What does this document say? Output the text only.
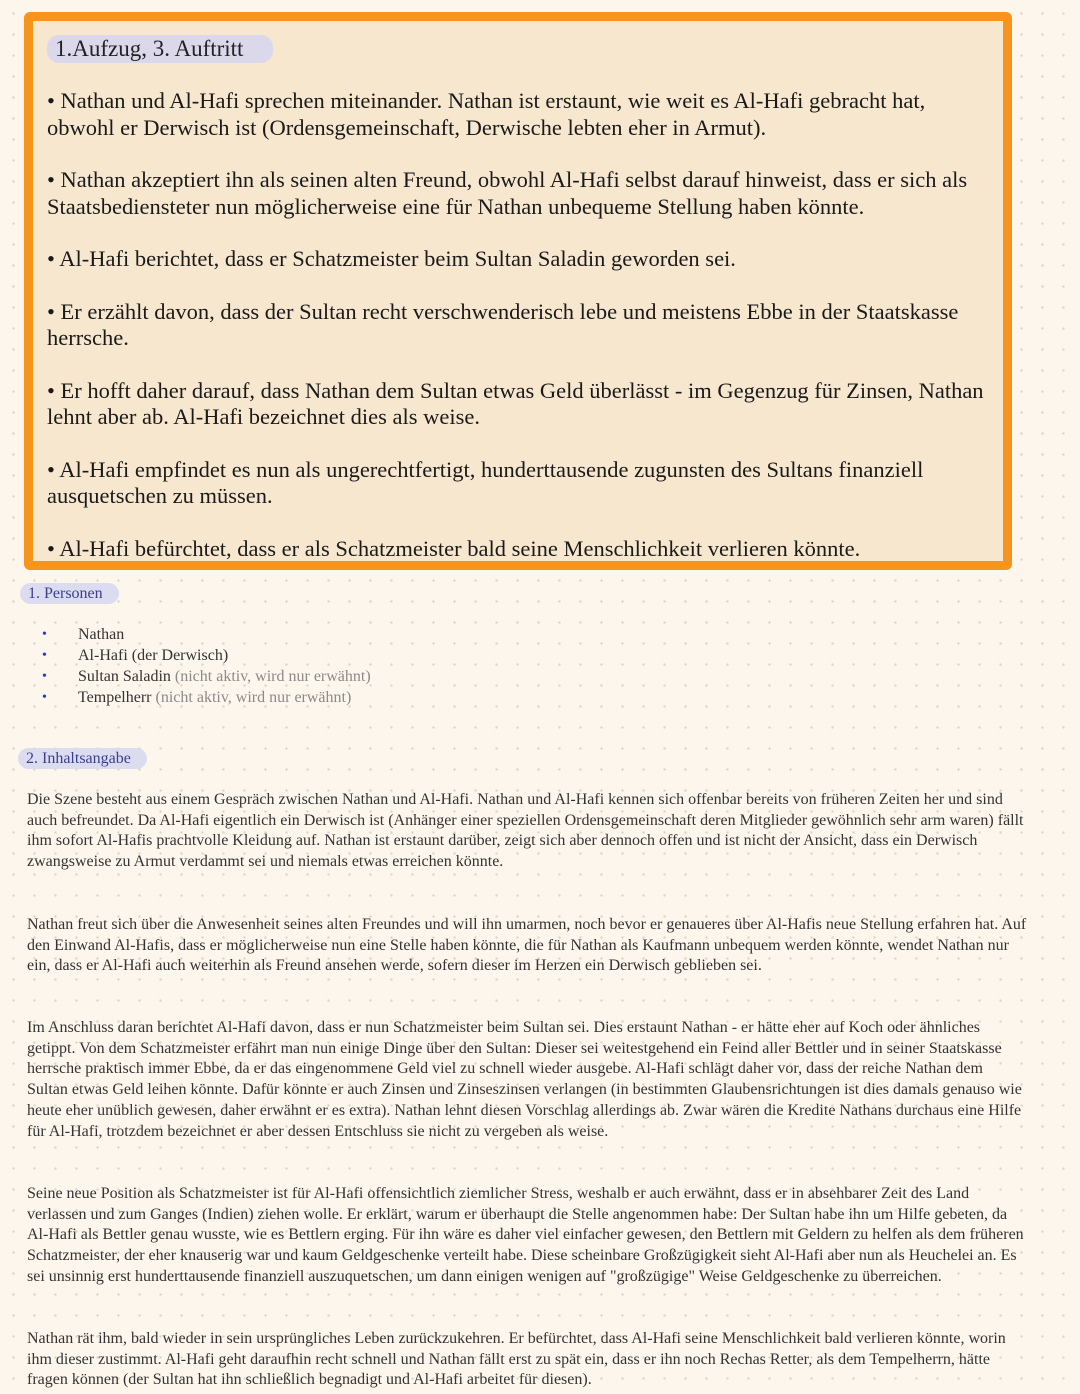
1.Aufzug, 3. Auftritt
• Nathan und Al-Hafi sprechen miteinander. Nathan ist erstaunt, wie weit es Al-Hafi gebracht hat, obwohl er Derwisch ist (Ordensgemeinschaft, Derwische lebten eher in Armut).
• Nathan akzeptiert ihn als seinen alten Freund, obwohl Al-Hafi selbst darauf hinweist, dass er sich als Staatsbediensteter nun möglicherweise eine für Nathan unbequeme Stellung haben könnte.
• Al-Hafi berichtet, dass er Schatzmeister beim Sultan Saladin geworden sei.
• Er erzählt davon, dass der Sultan recht verschwenderisch lebe und meistens Ebbe in der Staatskasse herrsche.
• Er hofft daher darauf, dass Nathan dem Sultan etwas Geld überlässt - im Gegenzug für Zinsen, Nathan lehnt aber ab. Al-Hafi bezeichnet dies als weise.
• Al-Hafi empfindet es nun als ungerechtfertigt, hunderttausende zugunsten des Sultans finanziell ausquetschen zu müssen.
• Al-Hafi befürchtet, dass er als Schatzmeister bald seine Menschlichkeit verlieren könnte.
1. Personen
• Nathan
• Al-Hafi (der Derwisch)
• Sultan Saladin (nicht aktiv, wird nur erwähnt)
• Tempelherr (nicht aktiv, wird nur erwähnt)
2. Inhaltsangabe

Die Szene besteht aus einem Gespräch zwischen Nathan und Al-Hafi. Nathan und Al-Hafi kennen sich offenbar bereits von früheren Zeiten her und sind auch befreundet. Da Al-Hafi eigentlich ein Derwisch ist (Anhänger einer speziellen Ordensgemeinschaft deren Mitglieder gewöhnlich sehr arm waren) fällt ihm sofort Al-Hafis prachtvolle Kleidung auf. Nathan ist erstaunt darüber, zeigt sich aber dennoch offen und ist nicht der Ansicht, dass ein Derwisch zwangsweise zu Armut verdammt sei und niemals etwas erreichen könnte.

Nathan freut sich über die Anwesenheit seines alten Freundes und will ihn umarmen, noch bevor er genaueres über Al-Hafis neue Stellung erfahren hat. Auf den Einwand Al-Hafis, dass er möglicherweise nun eine Stelle haben könnte, die für Nathan als Kaufmann unbequem werden könnte, wendet Nathan nur ein, dass er Al-Hafi auch weiterhin als Freund ansehen werde, sofern dieser im Herzen ein Derwisch geblieben sei.

Im Anschluss daran berichtet Al-Hafi davon, dass er nun Schatzmeister beim Sultan sei. Dies erstaunt Nathan - er hätte eher auf Koch oder ähnliches getippt. Von dem Schatzmeister erfährt man nun einige Dinge über den Sultan: Dieser sei weitestgehend ein Feind aller Bettler und in seiner Staatskasse herrsche praktisch immer Ebbe, da er das eingenommene Geld viel zu schnell wieder ausgebe. Al-Hafi schlägt daher vor, dass der reiche Nathan dem Sultan etwas Geld leihen könnte. Dafür könnte er auch Zinsen und Zinseszinsen verlangen (in bestimmten Glaubensrichtungen ist dies damals genauso wie heute eher unüblich gewesen, daher erwähnt er es extra). Nathan lehnt diesen Vorschlag allerdings ab. Zwar wären die Kredite Nathans durchaus eine Hilfe für Al-Hafi, trotzdem bezeichnet er aber dessen Entschluss sie nicht zu vergeben als weise.

Seine neue Position als Schatzmeister ist für Al-Hafi offensichtlich ziemlicher Stress, weshalb er auch erwähnt, dass er in absehbarer Zeit des Land verlassen und zum Ganges (Indien) ziehen wolle. Er erklärt, warum er überhaupt die Stelle angenommen habe: Der Sultan habe ihn um Hilfe gebeten, da Al-Hafi als Bettler genau wusste, wie es Bettlern erging. Für ihn wäre es daher viel einfacher gewesen, den Bettlern mit Geldern zu helfen als dem früheren Schatzmeister, der eher knauserig war und kaum Geldgeschenke verteilt habe. Diese scheinbare Großzügigkeit sieht Al-Hafi aber nun als Heuchelei an. Es sei unsinnig erst hunderttausende finanziell auszuquetschen, um dann einigen wenigen auf "großzügige" Weise Geldgeschenke zu überreichen.

Nathan rät ihm, bald wieder in sein ursprüngliches Leben zurückzukehren. Er befürchtet, dass Al-Hafi seine Menschlichkeit bald verlieren könnte, worin ihm dieser zustimmt. Al-Hafi geht daraufhin recht schnell und Nathan fällt erst zu spät ein, dass er ihn noch Rechas Retter, als dem Tempelherrn, hätte fragen können (der Sultan hat ihn schließlich begnadigt und Al-Hafi arbeitet für diesen).
